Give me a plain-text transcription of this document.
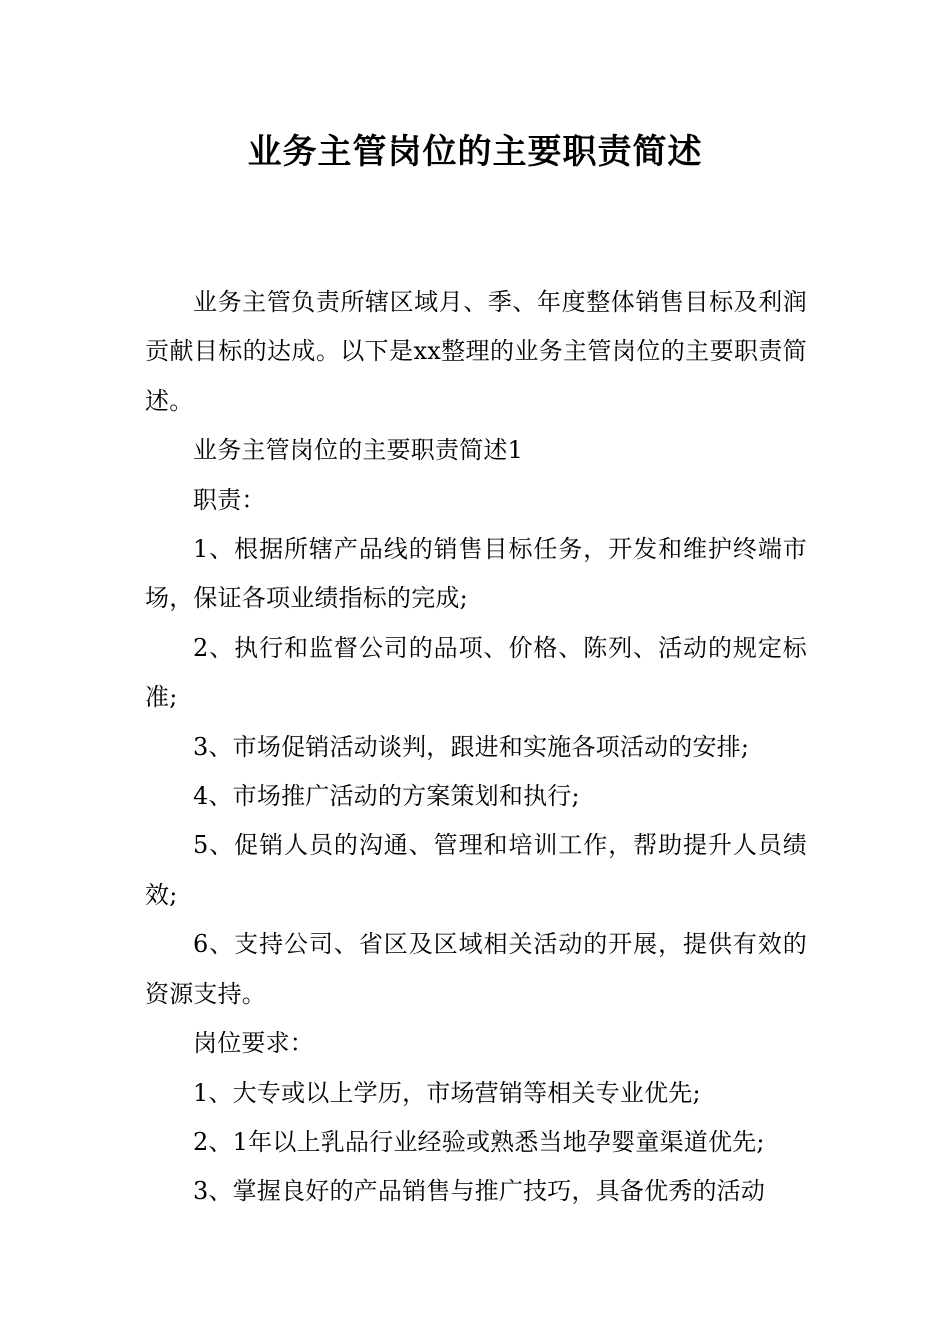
业务主管岗位的主要职责简述

业务主管负责所辖区域月、季、年度整体销售目标及利润贡献目标的达成。以下是xx整理的业务主管岗位的主要职责简述。

业务主管岗位的主要职责简述1

职责：

1、根据所辖产品线的销售目标任务，开发和维护终端市场，保证各项业绩指标的完成;

2、执行和监督公司的品项、价格、陈列、活动的规定标准;

3、市场促销活动谈判，跟进和实施各项活动的安排;

4、市场推广活动的方案策划和执行;

5、促销人员的沟通、管理和培训工作，帮助提升人员绩效;

6、支持公司、省区及区域相关活动的开展，提供有效的资源支持。

岗位要求：

1、大专或以上学历，市场营销等相关专业优先;

2、1年以上乳品行业经验或熟悉当地孕婴童渠道优先;

3、掌握良好的产品销售与推广技巧，具备优秀的活动
